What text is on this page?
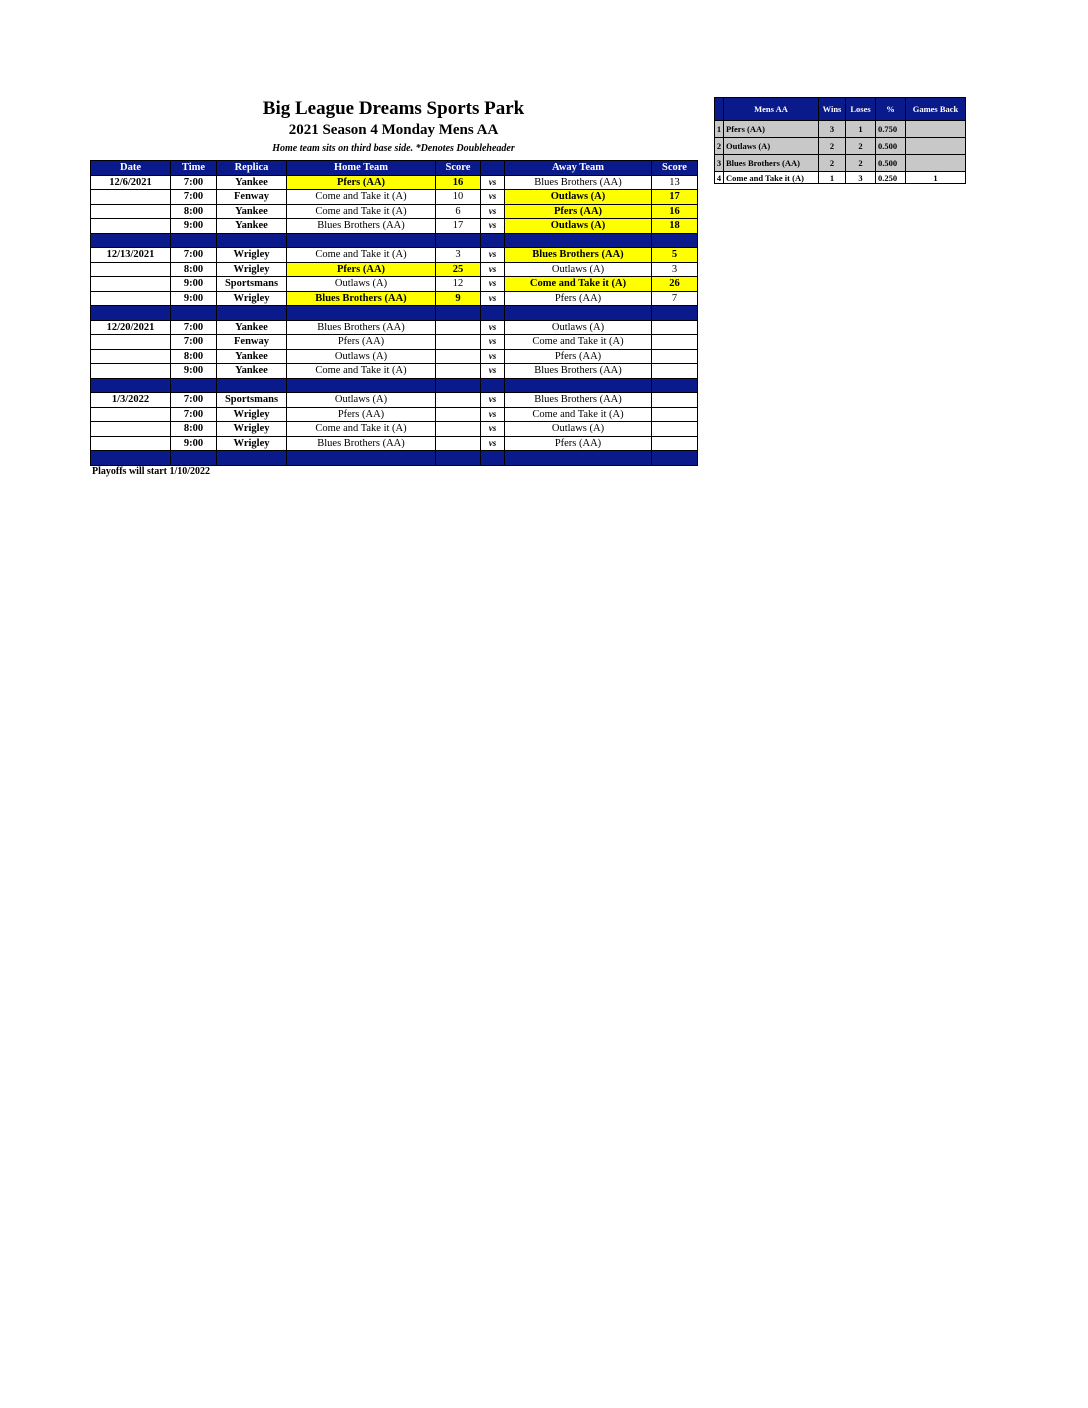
Big League Dreams Sports Park
2021 Season 4 Monday Mens AA
Home team sits on third base side. *Denotes Doubleheader
Date	Time	Replica	Home Team	Score		Away Team	Score
12/6/2021	7:00	Yankee	Pfers (AA)	16	vs	Blues Brothers (AA)	13
	7:00	Fenway	Come and Take it (A)	10	vs	Outlaws (A)	17
	8:00	Yankee	Come and Take it (A)	6	vs	Pfers (AA)	16
	9:00	Yankee	Blues Brothers (AA)	17	vs	Outlaws (A)	18

12/13/2021	7:00	Wrigley	Come and Take it (A)	3	vs	Blues Brothers (AA)	5
	8:00	Wrigley	Pfers (AA)	25	vs	Outlaws (A)	3
	9:00	Sportsmans	Outlaws (A)	12	vs	Come and Take it (A)	26
	9:00	Wrigley	Blues Brothers (AA)	9	vs	Pfers (AA)	7

12/20/2021	7:00	Yankee	Blues Brothers (AA)		vs	Outlaws (A)	
	7:00	Fenway	Pfers (AA)		vs	Come and Take it (A)	
	8:00	Yankee	Outlaws (A)		vs	Pfers (AA)	
	9:00	Yankee	Come and Take it (A)		vs	Blues Brothers (AA)	

1/3/2022	7:00	Sportsmans	Outlaws (A)		vs	Blues Brothers (AA)	
	7:00	Wrigley	Pfers (AA)		vs	Come and Take it (A)	
	8:00	Wrigley	Come and Take it (A)		vs	Outlaws (A)	
	9:00	Wrigley	Blues Brothers (AA)		vs	Pfers (AA)	

Playoffs will start 1/10/2022
	Mens AA	Wins	Loses	%	Games Back
1	Pfers (AA)	3	1	0.750	
2	Outlaws (A)	2	2	0.500	
3	Blues Brothers (AA)	2	2	0.500	
4	Come and Take it (A)	1	3	0.250	1
